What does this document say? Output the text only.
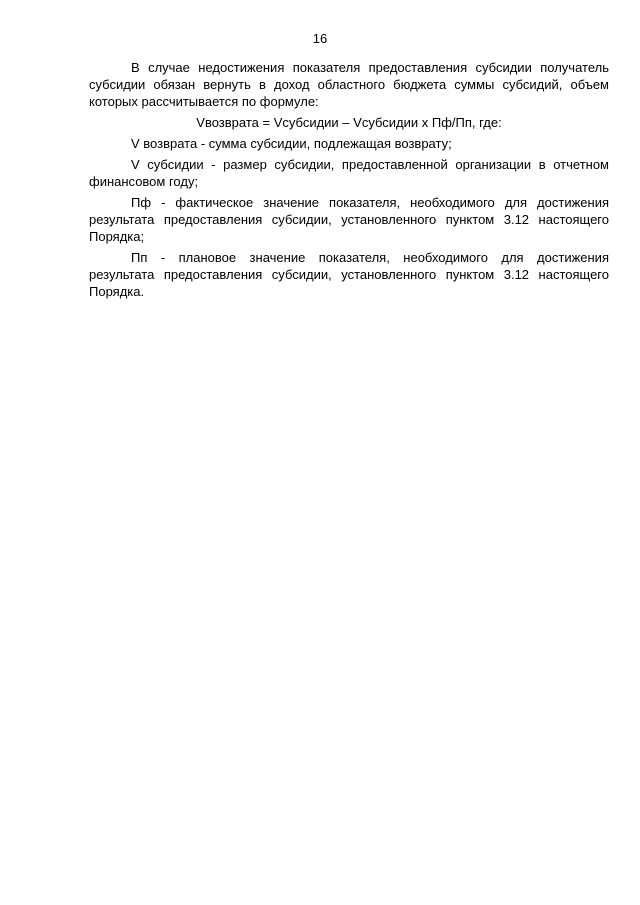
16

В случае недостижения показателя предоставления субсидии получатель субсидии обязан вернуть в доход областного бюджета суммы субсидий, объем которых рассчитывается по формуле:

Vвозврата = Vсубсидии – Vсубсидии х Пф/Пп, где:

V возврата - сумма субсидии, подлежащая возврату;

V субсидии - размер субсидии, предоставленной организации в отчетном финансовом году;

Пф - фактическое значение показателя, необходимого для достижения результата предоставления субсидии, установленного пунктом 3.12 настоящего Порядка;

Пп - плановое значение показателя, необходимого для достижения результата предоставления субсидии, установленного пунктом 3.12 настоящего Порядка.
